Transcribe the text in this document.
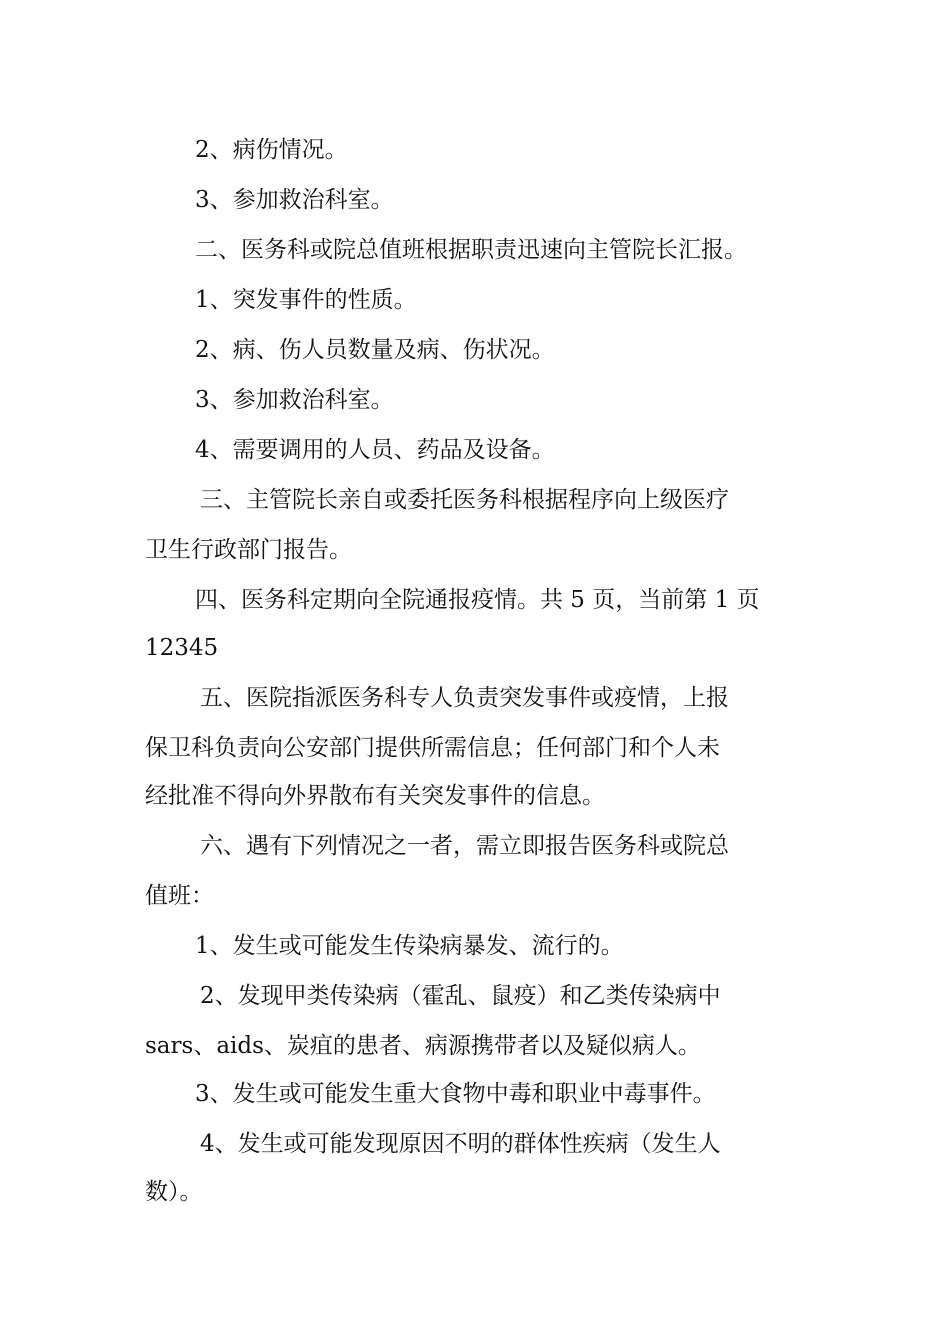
2、病伤情况。
3、参加救治科室。
二、医务科或院总值班根据职责迅速向主管院长汇报。
1、突发事件的性质。
2、病、伤人员数量及病、伤状况。
3、参加救治科室。
4、需要调用的人员、药品及设备。
三、主管院长亲自或委托医务科根据程序向上级医疗
卫生行政部门报告。
四、医务科定期向全院通报疫情。共 5 页，当前第 1 页
12345
五、医院指派医务科专人负责突发事件或疫情，上报
保卫科负责向公安部门提供所需信息；任何部门和个人未
经批准不得向外界散布有关突发事件的信息。
六、遇有下列情况之一者，需立即报告医务科或院总
值班：
1、发生或可能发生传染病暴发、流行的。
2、发现甲类传染病（霍乱、鼠疫）和乙类传染病中
sars、aids、炭疽的患者、病源携带者以及疑似病人。
3、发生或可能发生重大食物中毒和职业中毒事件。
4、发生或可能发现原因不明的群体性疾病（发生人
数）。
